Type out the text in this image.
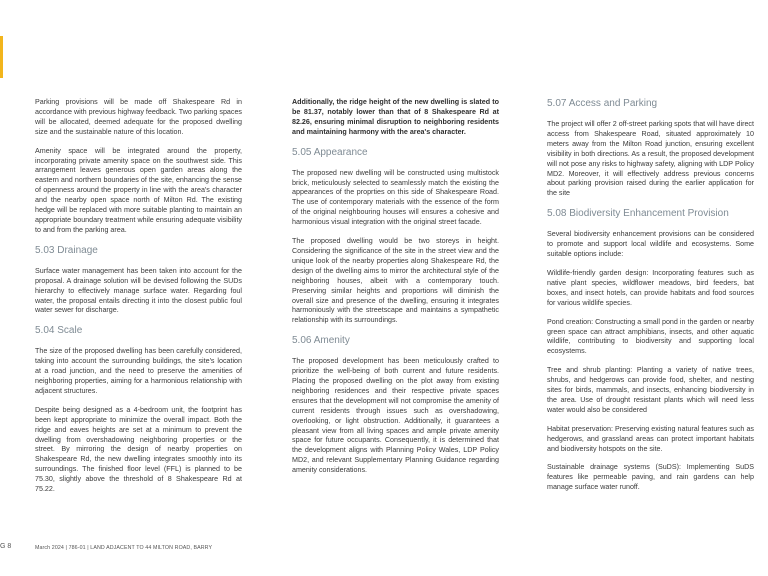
Parking provisions will be made off Shakespeare Rd in accordance with previous highway feedback. Two parking spaces will be allocated, deemed adequate for the proposed dwelling size and the sustainable nature of this location.

Amenity space will be integrated around the property, incorporating private amenity space on the southwest side. This arrangement leaves generous open garden areas along the eastern and northern boundaries of the site, enhancing the sense of openness around the property in line with the area's character and the nearby open space north of Milton Rd. The existing hedge will be replaced with more suitable planting to maintain an appropriate boundary treatment while ensuring adequate visibility to and from the parking area.

5.03 Drainage

Surface water management has been taken into account for the proposal. A drainage solution will be devised following the SUDs hierarchy to effectively manage surface water. Regarding foul water, the proposal entails directing it into the closest public foul water sewer for discharge.

5.04 Scale

The size of the proposed dwelling has been carefully considered, taking into account the surrounding buildings, the site's location at a road junction, and the need to preserve the amenities of neighboring properties, aiming for a harmonious relationship with adjacent structures.

Despite being designed as a 4-bedroom unit, the footprint has been kept appropriate to minimize the overall impact. Both the ridge and eaves heights are set at a minimum to prevent the dwelling from overshadowing neighboring properties or the street. By mirroring the design of nearby properties on Shakespeare Rd, the new dwelling integrates smoothly into its surroundings. The finished floor level (FFL) is planned to be 75.30, slightly above the threshold of 8 Shakespeare Rd at 75.22.

Additionally, the ridge height of the new dwelling is slated to be 81.37, notably lower than that of 8 Shakespeare Rd at 82.26, ensuring minimal disruption to neighboring residents and maintaining harmony with the area's character.

5.05 Appearance

The proposed new dwelling will be constructed using multistock brick, meticulously selected to seamlessly match the existing the appearances of the proprties on this side of Shakespeare Road. The use of contemporary materials with the essence of the form of the original neighbouring houses will ensures a cohesive and harmonious visual integration with the original street facade.

The proposed dwelling would be two storeys in height. Considering the significance of the site in the street view and the unique look of the nearby properties along Shakespeare Rd, the design of the dwelling aims to mirror the architectural style of the neighboring houses, albeit with a contemporary touch. Preserving similar heights and proportions will diminish the overall size and presence of the dwelling, ensuring it integrates harmoniously with the streetscape and maintains a sympathetic relationship with its surroundings.

5.06 Amenity

The proposed development has been meticulously crafted to prioritize the well-being of both current and future residents. Placing the proposed dwelling on the plot away from existing neighboring residences and their respective private spaces ensures that the development will not compromise the amenity of current residents through issues such as overshadowing, overlooking, or light obstruction. Additionally, it guarantees a pleasant view from all living spaces and ample private amenity space for future occupants. Consequently, it is determined that the development aligns with Planning Policy Wales, LDP Policy MD2, and relevant Supplementary Planning Guidance regarding amenity considerations.

5.07 Access and Parking

The project will offer 2 off-street parking spots that will have direct access from Shakespeare Road, situated approximately 10 meters away from the Milton Road junction, ensuring excellent visibility in both directions. As a result, the proposed development will not pose any risks to highway safety, aligning with LDP Policy MD2. Moreover, it will effectively address previous concerns about parking provision raised during the earlier application for the site

5.08 Biodiversity Enhancement Provision

Several biodiversity enhancement provisions can be considered to promote and support local wildlife and ecosystems. Some suitable options include:

Wildlife-friendly garden design: Incorporating features such as native plant species, wildflower meadows, bird feeders, bat boxes, and insect hotels, can provide habitats and food sources for various wildlife species.

Pond creation: Constructing a small pond in the garden or nearby green space can attract amphibians, insects, and other aquatic wildlife, contributing to biodiversity and supporting local ecosystems.

Tree and shrub planting: Planting a variety of native trees, shrubs, and hedgerows can provide food, shelter, and nesting sites for birds, mammals, and insects, enhancing biodiversity in the area. Use of drought resistant plants which will need less water would also be considered

Habitat preservation: Preserving existing natural features such as hedgerows, and grassland areas can protect important habitats and biodiversity hotspots on the site.

Sustainable drainage systems (SuDS): Implementing SuDS features like permeable paving, and rain gardens can help manage surface water runoff.

G 8	March 2024 | 786-01 | LAND ADJACENT TO 44 MILTON ROAD, BARRY
